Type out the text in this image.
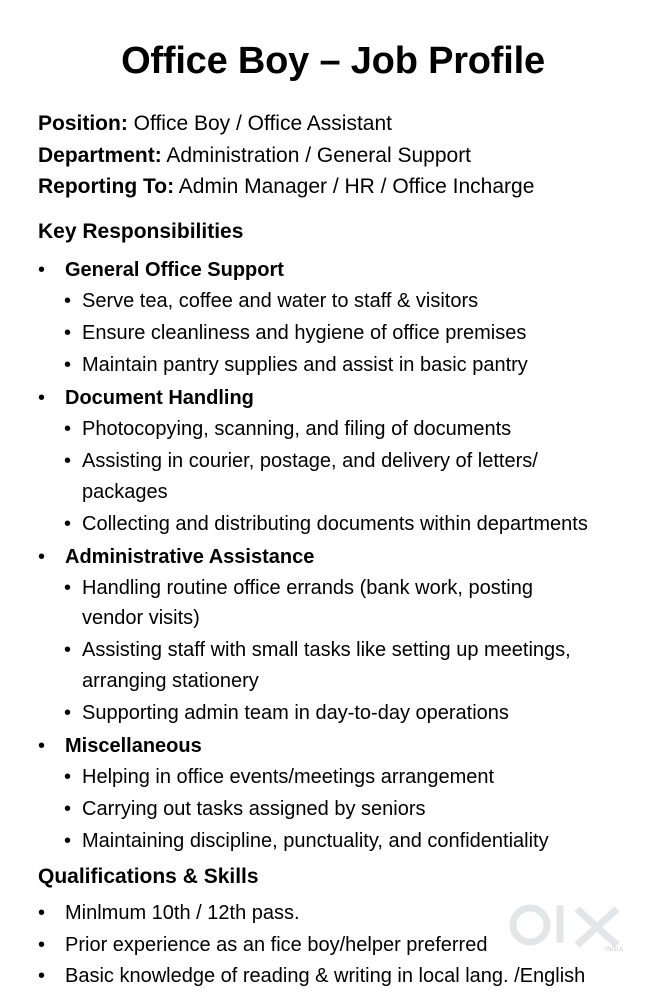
Office Boy – Job Profile
Position: Office Boy / Office Assistant
Department: Administration / General Support
Reporting To: Admin Manager / HR / Office Incharge
Key Responsibilities
• General Office Support
• Serve tea, coffee and water to staff & visitors
• Ensure cleanliness and hygiene of office premises
• Maintain pantry supplies and assist in basic pantry
• Document Handling
• Photocopying, scanning, and filing of documents
• Assisting in courier, postage, and delivery of letters/
packages
• Collecting and distributing documents within departments
• Administrative Assistance
• Handling routine office errands (bank work, posting
vendor visits)
• Assisting staff with small tasks like setting up meetings,
arranging stationery
• Supporting admin team in day-to-day operations
• Miscellaneous
• Helping in office events/meetings arrangement
• Carrying out tasks assigned by seniors
• Maintaining discipline, punctuality, and confidentiality
Qualifications & Skills
• Minlmum 10th / 12th pass.
• Prior experience as an fice boy/helper preferred
• Basic knowledge of reading & writing in local lang. /English
INDIA
